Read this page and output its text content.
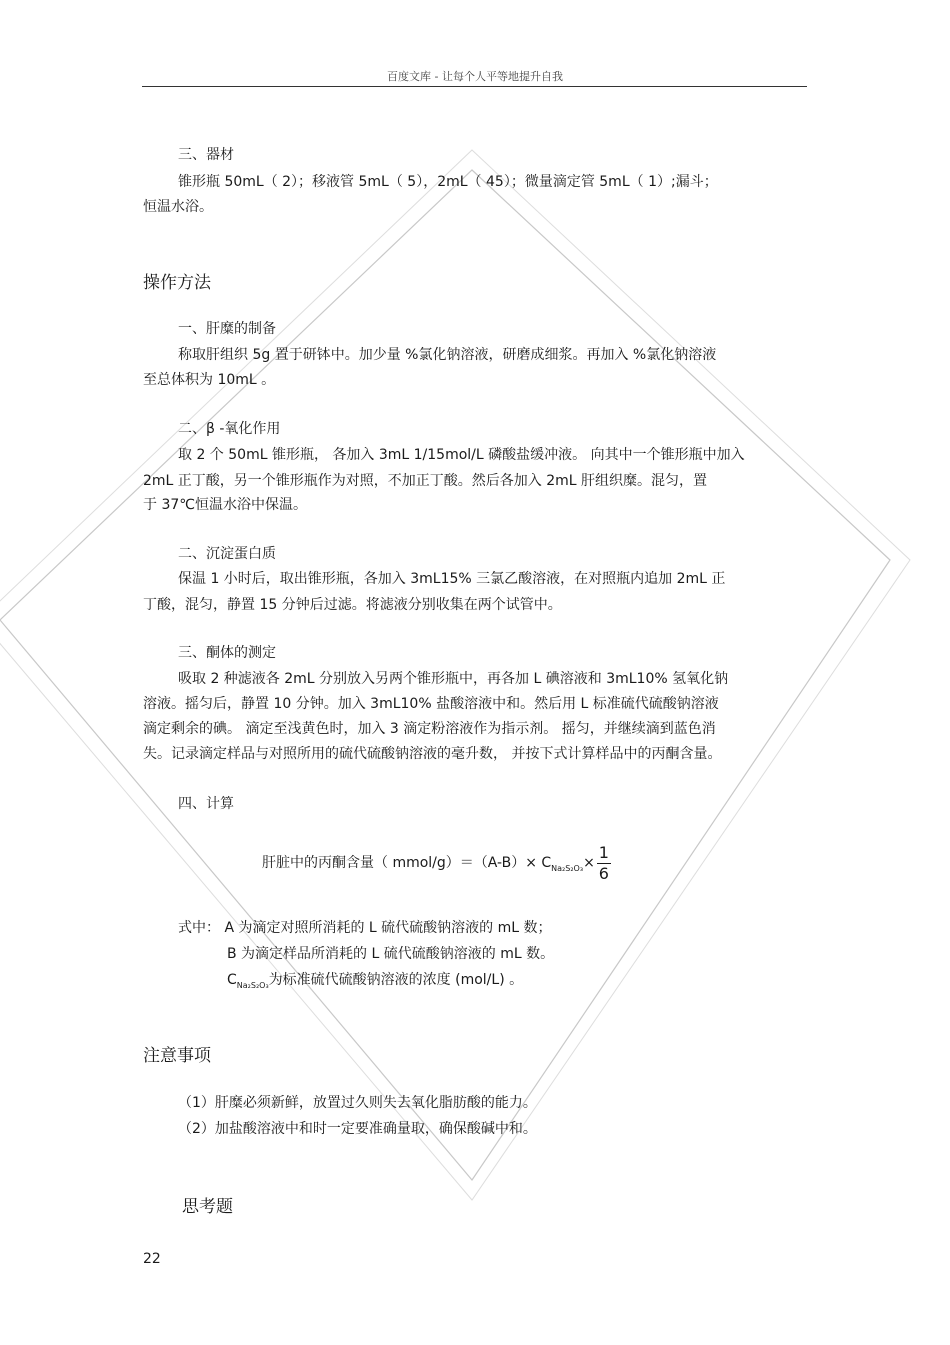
百度文库 - 让每个人平等地提升自我
三、器材
锥形瓶 50mL（ 2）；移液管 5mL（ 5），2mL（ 45）；微量滴定管 5mL（ 1）;漏斗；
恒温水浴。
操作方法
一、肝糜的制备
称取肝组织 5g 置于研钵中。加少量 %氯化钠溶液，研磨成细浆。再加入 %氯化钠溶液
至总体积为 10mL 。
二、β -氧化作用
取 2 个 50mL 锥形瓶， 各加入 3mL 1/15mol/L 磷酸盐缓冲液。 向其中一个锥形瓶中加入
2mL 正丁酸，另一个锥形瓶作为对照，不加正丁酸。然后各加入 2mL 肝组织糜。混匀，置
于 37℃恒温水浴中保温。
二、沉淀蛋白质
保温 1 小时后，取出锥形瓶，各加入 3mL15% 三氯乙酸溶液，在对照瓶内追加 2mL 正
丁酸，混匀，静置 15 分钟后过滤。将滤液分别收集在两个试管中。
三、酮体的测定
吸取 2 种滤液各 2mL 分别放入另两个锥形瓶中，再各加 L 碘溶液和 3mL10% 氢氧化钠
溶液。摇匀后，静置 10 分钟。加入 3mL10% 盐酸溶液中和。然后用 L 标准硫代硫酸钠溶液
滴定剩余的碘。 滴定至浅黄色时，加入 3 滴定粉溶液作为指示剂。 摇匀，并继续滴到蓝色消
失。记录滴定样品与对照所用的硫代硫酸钠溶液的毫升数， 并按下式计算样品中的丙酮含量。
四、计算
肝脏中的丙酮含量（ mmol/g）＝（A-B）× $C_{Na_2S_2O_3}\times \frac{1}{6}$
式中： A 为滴定对照所消耗的 L 硫代硫酸钠溶液的 mL 数；
B 为滴定样品所消耗的 L 硫代硫酸钠溶液的 mL 数。
$C_{Na_2S_2O_3}$为标准硫代硫酸钠溶液的浓度 (mol/L) 。
注意事项
（1）肝糜必须新鲜，放置过久则失去氧化脂肪酸的能力。
（2）加盐酸溶液中和时一定要准确量取，确保酸碱中和。
思考题
22
